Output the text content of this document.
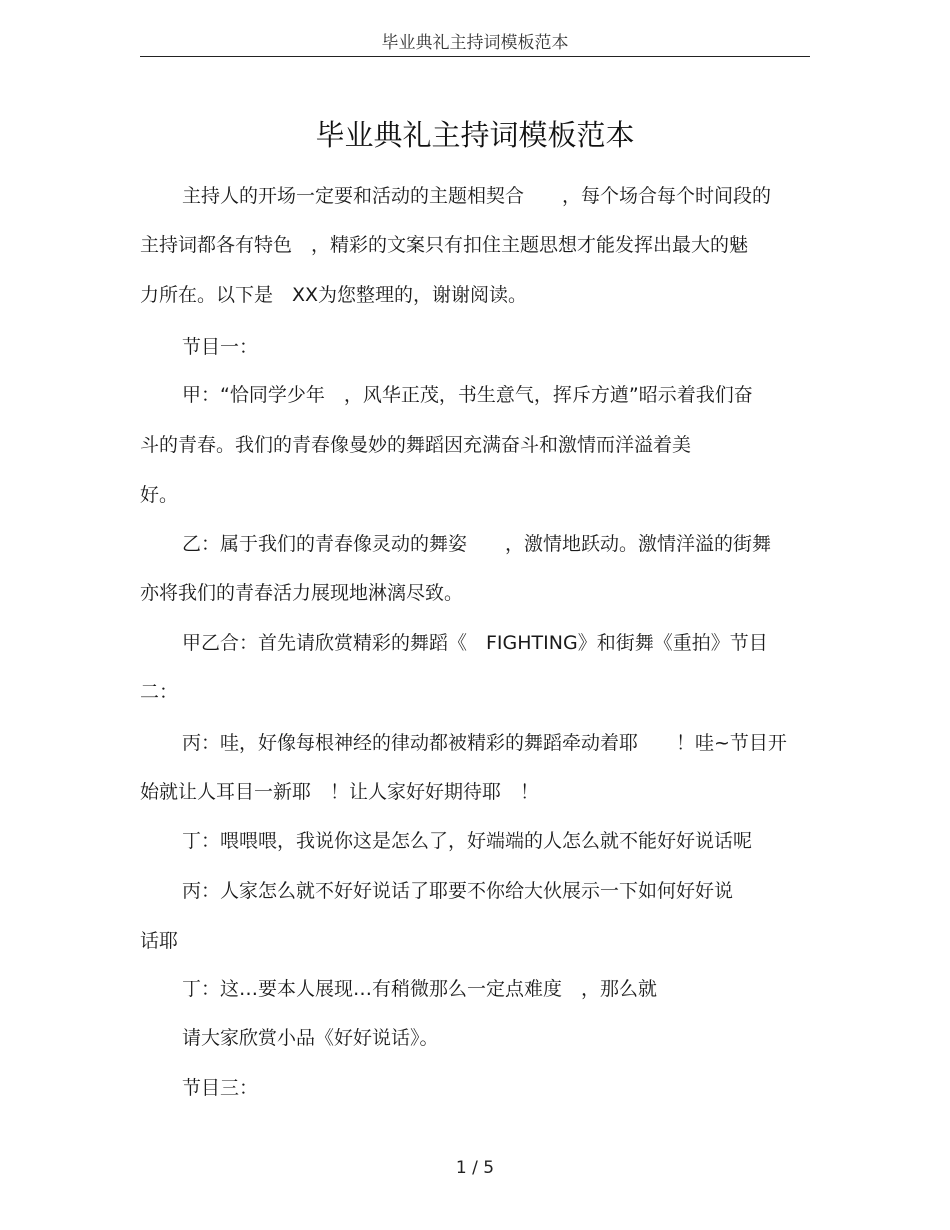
毕业典礼主持词模板范本
毕业典礼主持词模板范本
主持人的开场一定要和活动的主题相契合　　，每个场合每个时间段的
主持词都各有特色　，精彩的文案只有扣住主题思想才能发挥出最大的魅
力所在。以下是　XX为您整理的，谢谢阅读。
节目一：
甲：“恰同学少年　，风华正茂，书生意气，挥斥方遒”昭示着我们奋
斗的青春。我们的青春像曼妙的舞蹈因充满奋斗和激情而洋溢着美
好。
乙：属于我们的青春像灵动的舞姿　　，激情地跃动。激情洋溢的街舞
亦将我们的青春活力展现地淋漓尽致。
甲乙合：首先请欣赏精彩的舞蹈《　FIGHTING》和街舞《重拍》节目
二：
丙：哇，好像每根神经的律动都被精彩的舞蹈牵动着耶　　！哇~节目开
始就让人耳目一新耶　！让人家好好期待耶　！
丁：喂喂喂，我说你这是怎么了，好端端的人怎么就不能好好说话呢
丙：人家怎么就不好好说话了耶要不你给大伙展示一下如何好好说
话耶
丁：这…要本人展现…有稍微那么一定点难度　，那么就
请大家欣赏小品《好好说话》。
节目三：
1 / 5
